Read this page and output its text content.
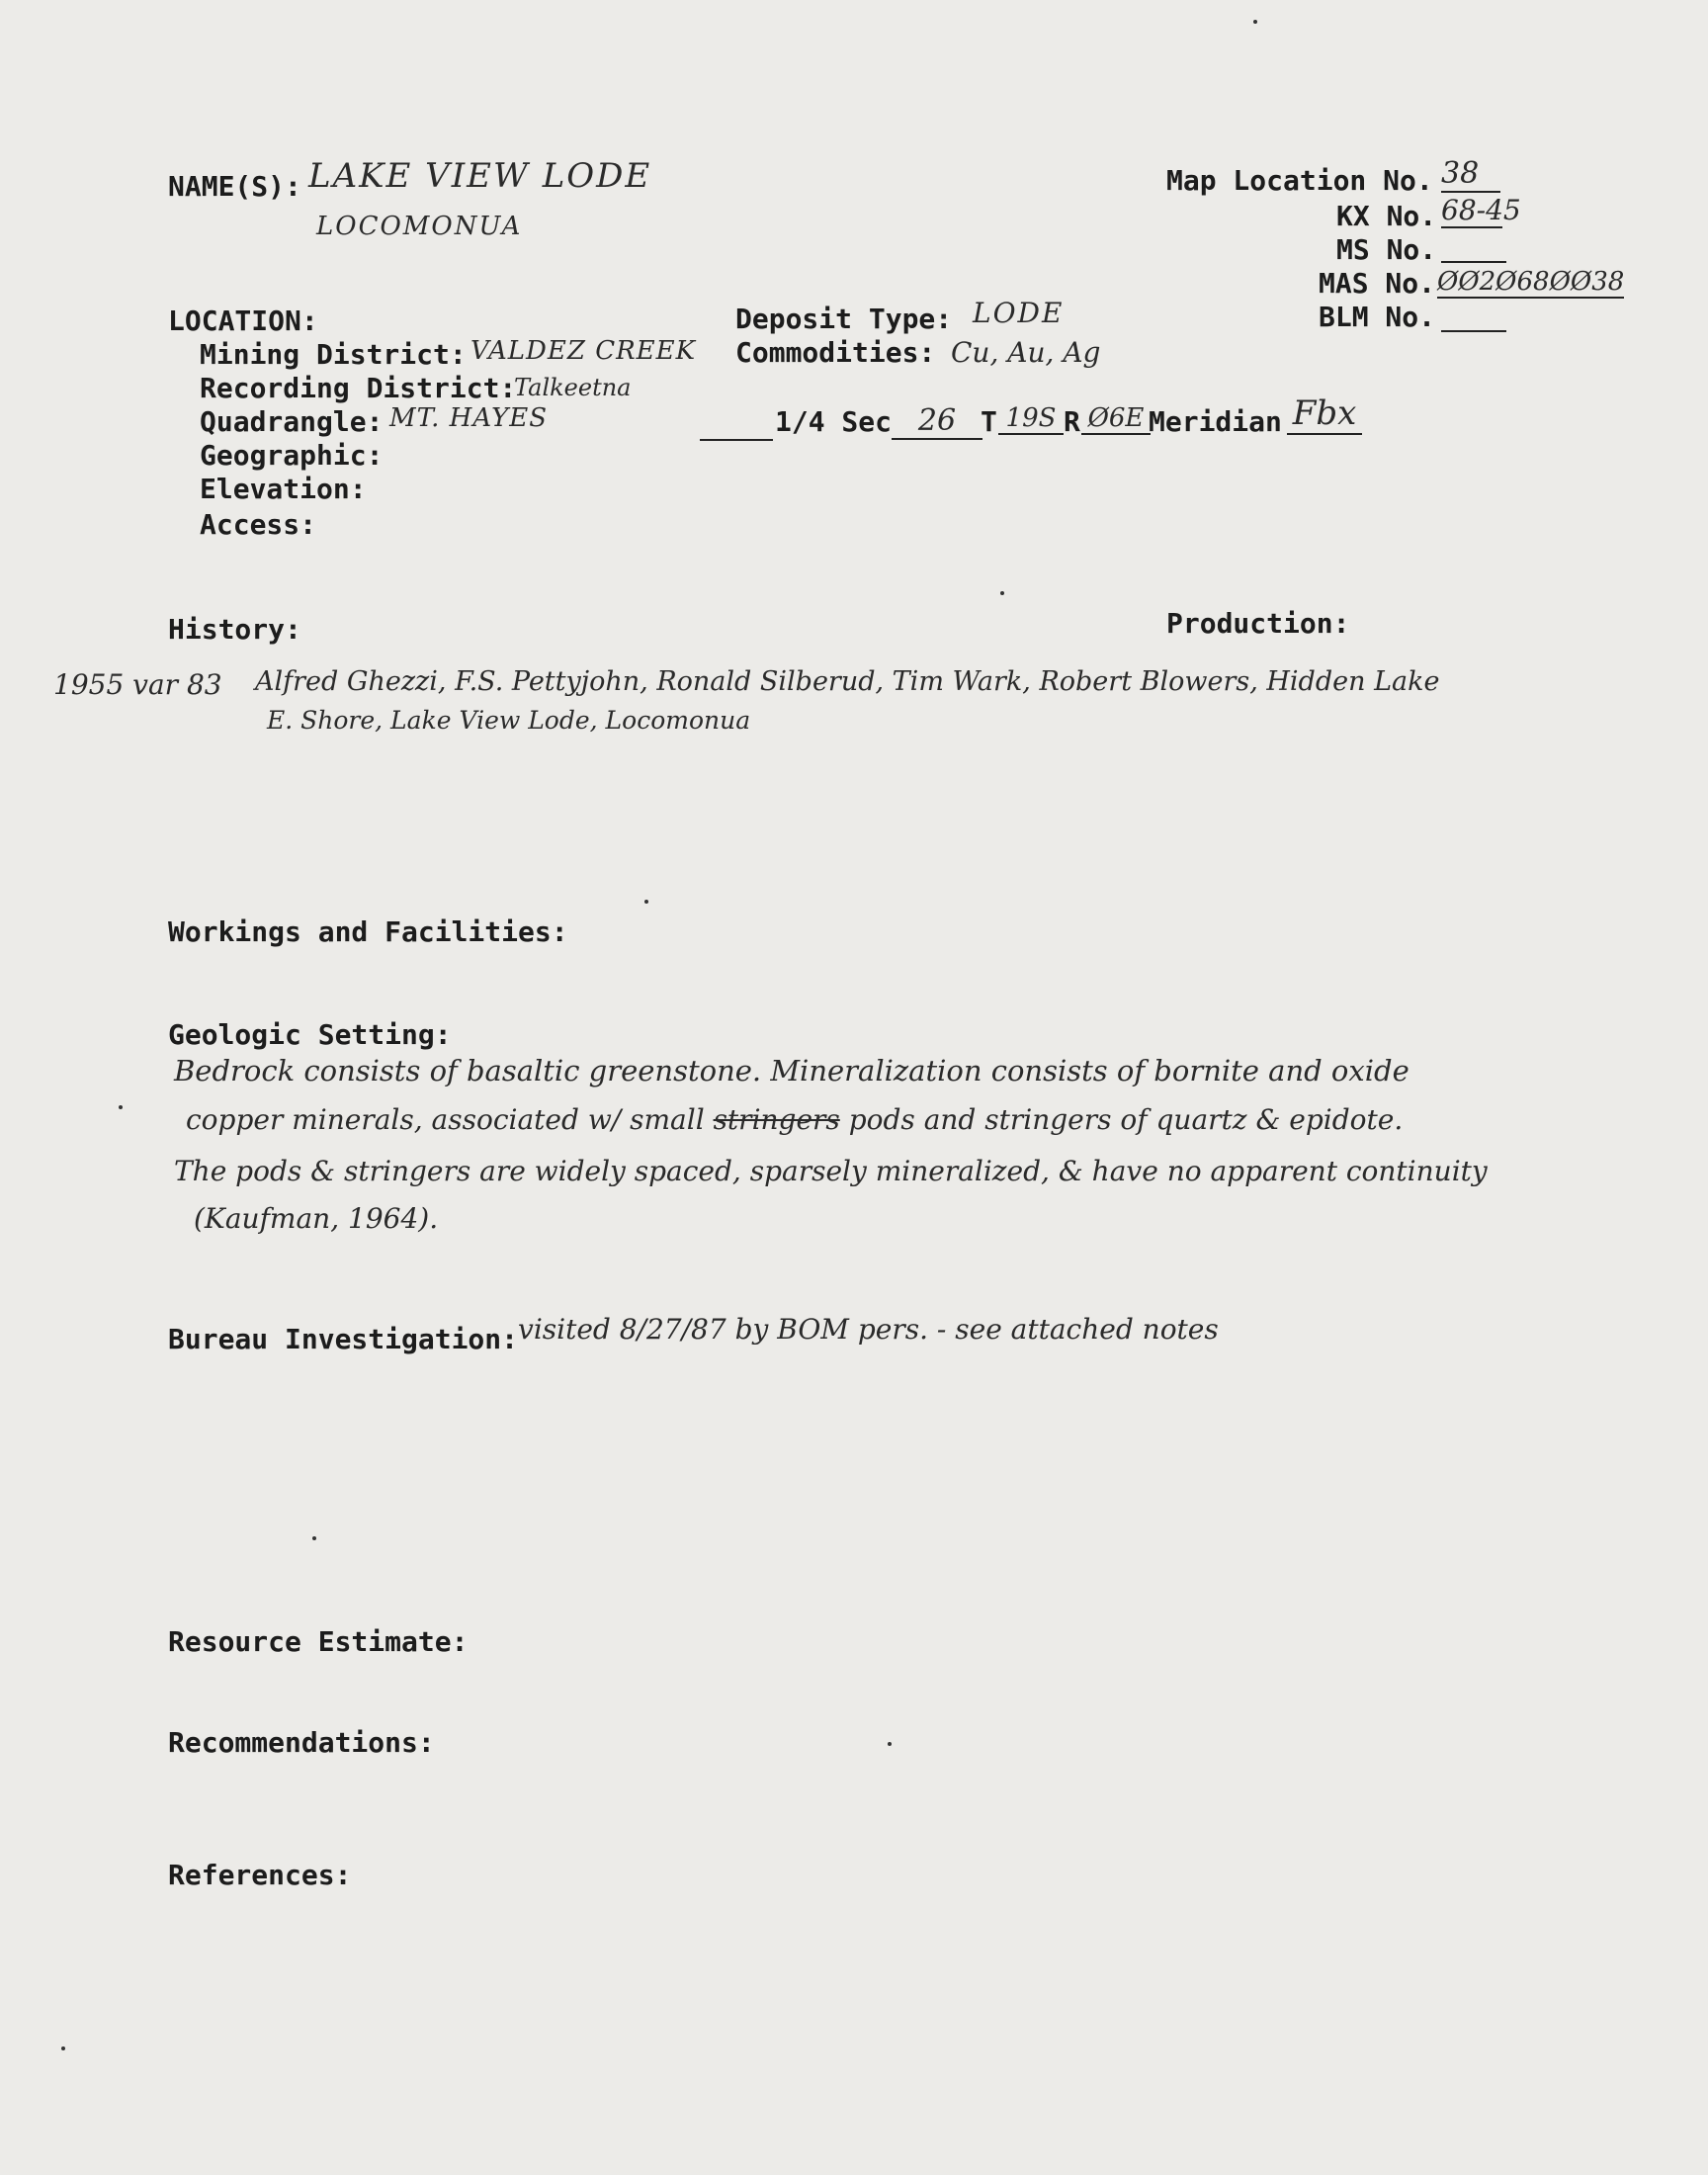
NAME(S): LAKE VIEW LODE
LOCOMONUA
Map Location No. 38
KX No. 68-45
MS No.
MAS No. ØØ2Ø68ØØ38
BLM No.
LOCATION:
Mining District: VALDEZ CREEK
Recording District:
Talkeetna
Quadrangle: MT. HAYES
Geographic:
Elevation:
Access:
Deposit Type: LODE
Commodities: Cu, Au, Ag
1/4 Sec 26 T 19S R Ø6E Meridian Fbx
History:	Production:
1955 var 83 Alfred Ghezzi, F.S. Pettyjohn, Ronald Silberud, Tim Wark, Robert Blowers, Hidden Lake
E. Shore, Lake View Lode, Locomonua
Workings and Facilities:
Geologic Setting:
Bedrock consists of basaltic greenstone. Mineralization consists of bornite and oxide
copper minerals, associated w/ small stringers pods and stringers of quartz & epidote.
The pods & stringers are widely spaced, sparsely mineralized, & have no apparent continuity
(Kaufman, 1964).
Bureau Investigation: visited 8/27/87 by BOM pers. - see attached notes
Resource Estimate:
Recommendations:
References:
